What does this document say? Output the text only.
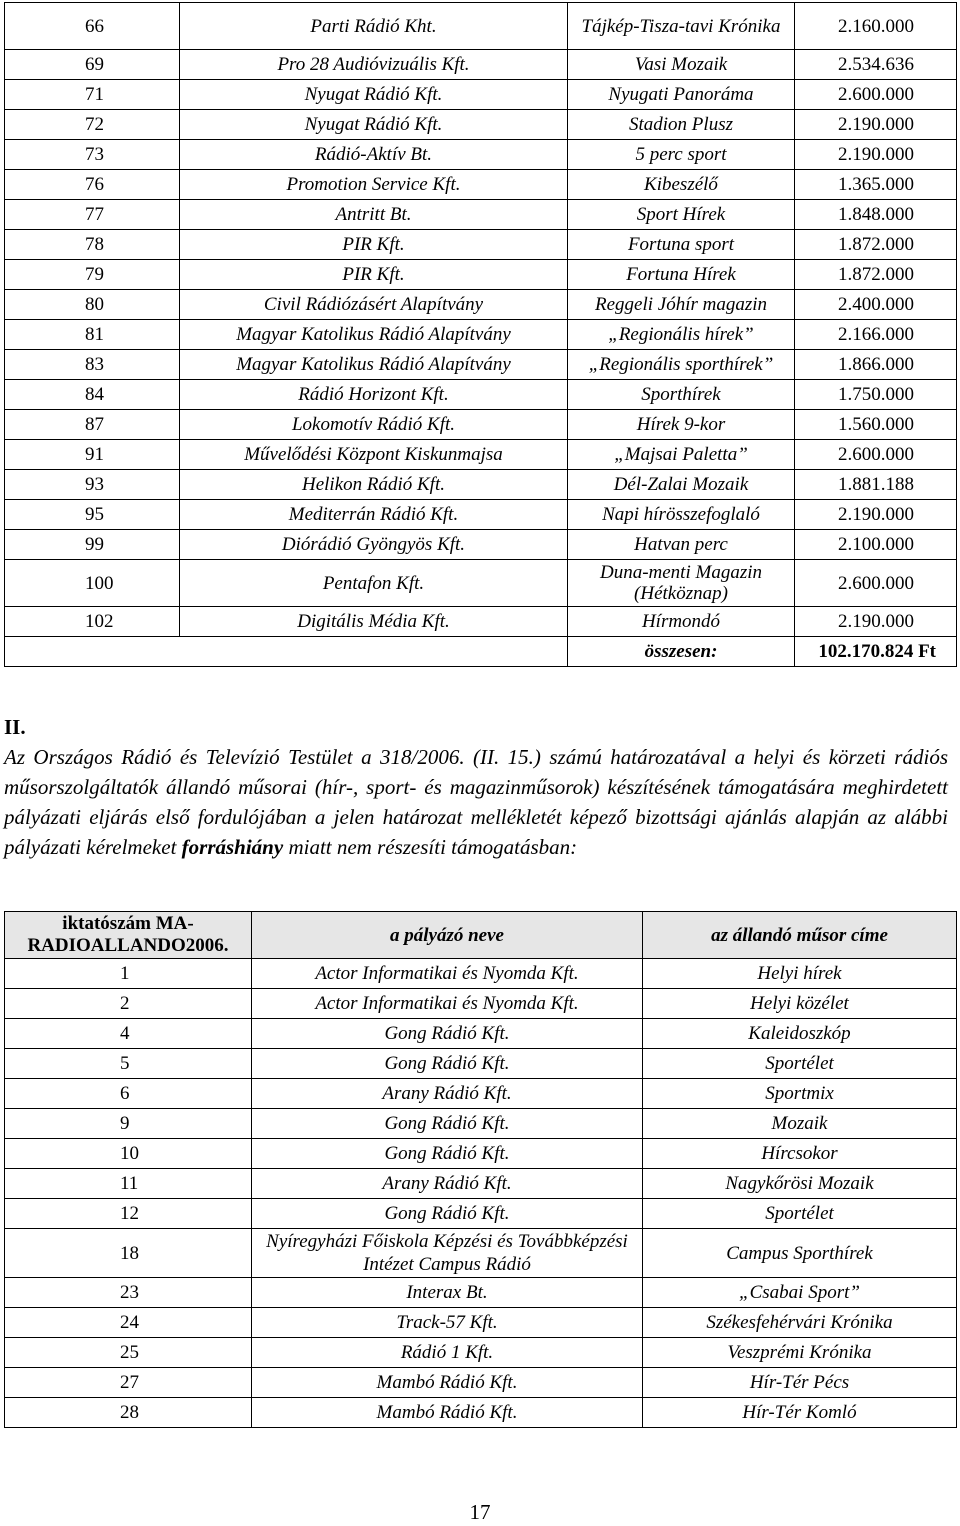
66	Parti Rádió Kht.	Tájkép-Tisza-tavi Krónika	2.160.000
69	Pro 28 Audióvizuális Kft.	Vasi Mozaik	2.534.636
71	Nyugat Rádió Kft.	Nyugati Panoráma	2.600.000
72	Nyugat Rádió Kft.	Stadion Plusz	2.190.000
73	Rádió-Aktív Bt.	5 perc sport	2.190.000
76	Promotion Service Kft.	Kibeszélő	1.365.000
77	Antritt Bt.	Sport Hírek	1.848.000
78	PIR Kft.	Fortuna sport	1.872.000
79	PIR Kft.	Fortuna Hírek	1.872.000
80	Civil Rádiózásért Alapítvány	Reggeli Jóhír magazin	2.400.000
81	Magyar Katolikus Rádió Alapítvány	„Regionális hírek”	2.166.000
83	Magyar Katolikus Rádió Alapítvány	„Regionális sporthírek”	1.866.000
84	Rádió Horizont Kft.	Sporthírek	1.750.000
87	Lokomotív Rádió Kft.	Hírek 9-kor	1.560.000
91	Művelődési Központ Kiskunmajsa	„Majsai Paletta”	2.600.000
93	Helikon Rádió Kft.	Dél-Zalai Mozaik	1.881.188
95	Mediterrán Rádió Kft.	Napi hírösszefoglaló	2.190.000
99	Diórádió Gyöngyös Kft.	Hatvan perc	2.100.000
100	Pentafon Kft.	Duna-menti Magazin (Hétköznap)	2.600.000
102	Digitális Média Kft.	Hírmondó	2.190.000
		összesen:	102.170.824 Ft
II.
Az Országos Rádió és Televízió Testület a 318/2006. (II. 15.) számú határozatával a helyi és körzeti rádiós műsorszolgáltatók állandó műsorai (hír-, sport- és magazinműsorok) készítésének támogatására meghirdetett pályázati eljárás első fordulójában a jelen határozat mellékletét képező bizottsági ajánlás alapján az alábbi pályázati kérelmeket forráshiány miatt nem részesíti támogatásban:
iktatószám MA-RADIOALLANDO2006.	a pályázó neve	az állandó műsor címe
1	Actor Informatikai és Nyomda Kft.	Helyi hírek
2	Actor Informatikai és Nyomda Kft.	Helyi közélet
4	Gong Rádió Kft.	Kaleidoszkóp
5	Gong Rádió Kft.	Sportélet
6	Arany Rádió Kft.	Sportmix
9	Gong Rádió Kft.	Mozaik
10	Gong Rádió Kft.	Hírcsokor
11	Arany Rádió Kft.	Nagykőrösi Mozaik
12	Gong Rádió Kft.	Sportélet
18	Nyíregyházi Főiskola Képzési és Továbbképzési Intézet Campus Rádió	Campus Sporthírek
23	Interax Bt.	„Csabai Sport”
24	Track-57 Kft.	Székesfehérvári Krónika
25	Rádió 1 Kft.	Veszprémi Krónika
27	Mambó Rádió Kft.	Hír-Tér Pécs
28	Mambó Rádió Kft.	Hír-Tér Komló
17
